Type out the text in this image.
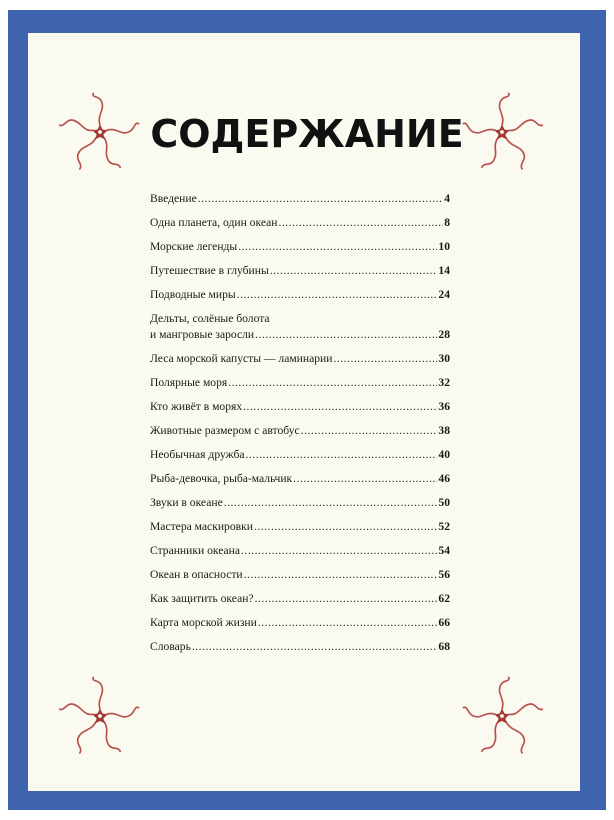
СОДЕРЖАНИЕ
Введение .....	4
Одна планета, один океан .....	8
Морские легенды .....	10
Путешествие в глубины .....	14
Подводные миры .....	24
Дельты, солёные болота
и мангровые заросли .....	28
Леса морской капусты — ламинарии .....	30
Полярные моря .....	32
Кто живёт в морях .....	36
Животные размером с автобус .....	38
Необычная дружба .....	40
Рыба-девочка, рыба-мальчик .....	46
Звуки в океане .....	50
Мастера маскировки .....	52
Странники океана .....	54
Океан в опасности .....	56
Как защитить океан? .....	62
Карта морской жизни .....	66
Словарь .....	68
